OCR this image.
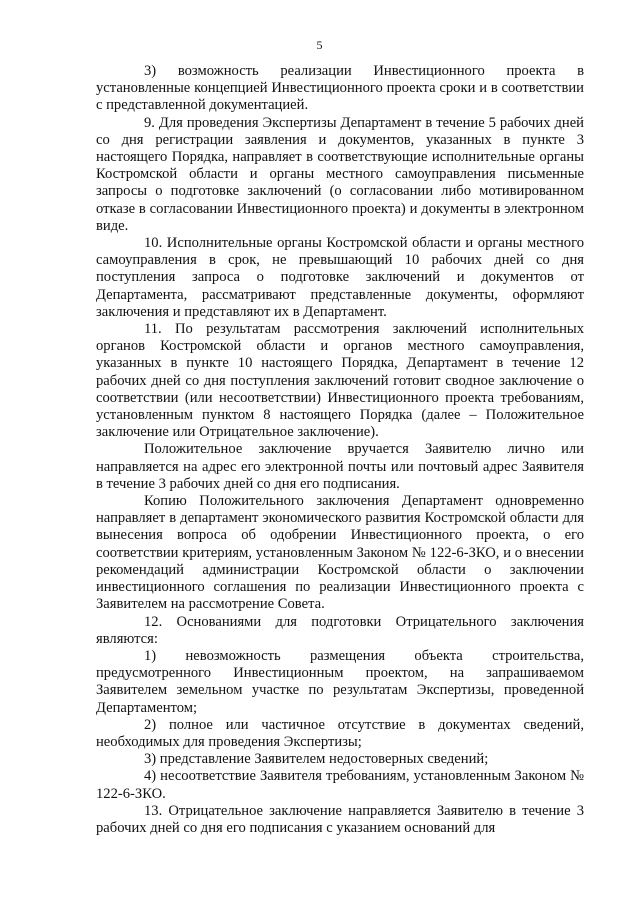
5

3) возможность реализации Инвестиционного проекта в установленные концепцией Инвестиционного проекта сроки и в соответствии с представленной документацией.

9. Для проведения Экспертизы Департамент в течение 5 рабочих дней со дня регистрации заявления и документов, указанных в пункте 3 настоящего Порядка, направляет в соответствующие исполнительные органы Костромской области и органы местного самоуправления письменные запросы о подготовке заключений (о согласовании либо мотивированном отказе в согласовании Инвестиционного проекта) и документы в электронном виде.

10. Исполнительные органы Костромской области и органы местного самоуправления в срок, не превышающий 10 рабочих дней со дня поступления запроса о подготовке заключений и документов от Департамента, рассматривают представленные документы, оформляют заключения и представляют их в Департамент.

11. По результатам рассмотрения заключений исполнительных органов Костромской области и органов местного самоуправления, указанных в пункте 10 настоящего Порядка, Департамент в течение 12 рабочих дней со дня поступления заключений готовит сводное заключение о соответствии (или несоответствии) Инвестиционного проекта требованиям, установленным пунктом 8 настоящего Порядка (далее – Положительное заключение или Отрицательное заключение).

Положительное заключение вручается Заявителю лично или направляется на адрес его электронной почты или почтовый адрес Заявителя в течение 3 рабочих дней со дня его подписания.

Копию Положительного заключения Департамент одновременно направляет в департамент экономического развития Костромской области для вынесения вопроса об одобрении Инвестиционного проекта, о его соответствии критериям, установленным Законом № 122-6-ЗКО, и о внесении рекомендаций администрации Костромской области о заключении инвестиционного соглашения по реализации Инвестиционного проекта с Заявителем на рассмотрение Совета.

12. Основаниями для подготовки Отрицательного заключения являются:

1) невозможность размещения объекта строительства, предусмотренного Инвестиционным проектом, на запрашиваемом Заявителем земельном участке по результатам Экспертизы, проведенной Департаментом;

2) полное или частичное отсутствие в документах сведений, необходимых для проведения Экспертизы;

3) представление Заявителем недостоверных сведений;

4) несоответствие Заявителя требованиям, установленным Законом № 122-6-ЗКО.

13. Отрицательное заключение направляется Заявителю в течение 3 рабочих дней со дня его подписания с указанием оснований для
